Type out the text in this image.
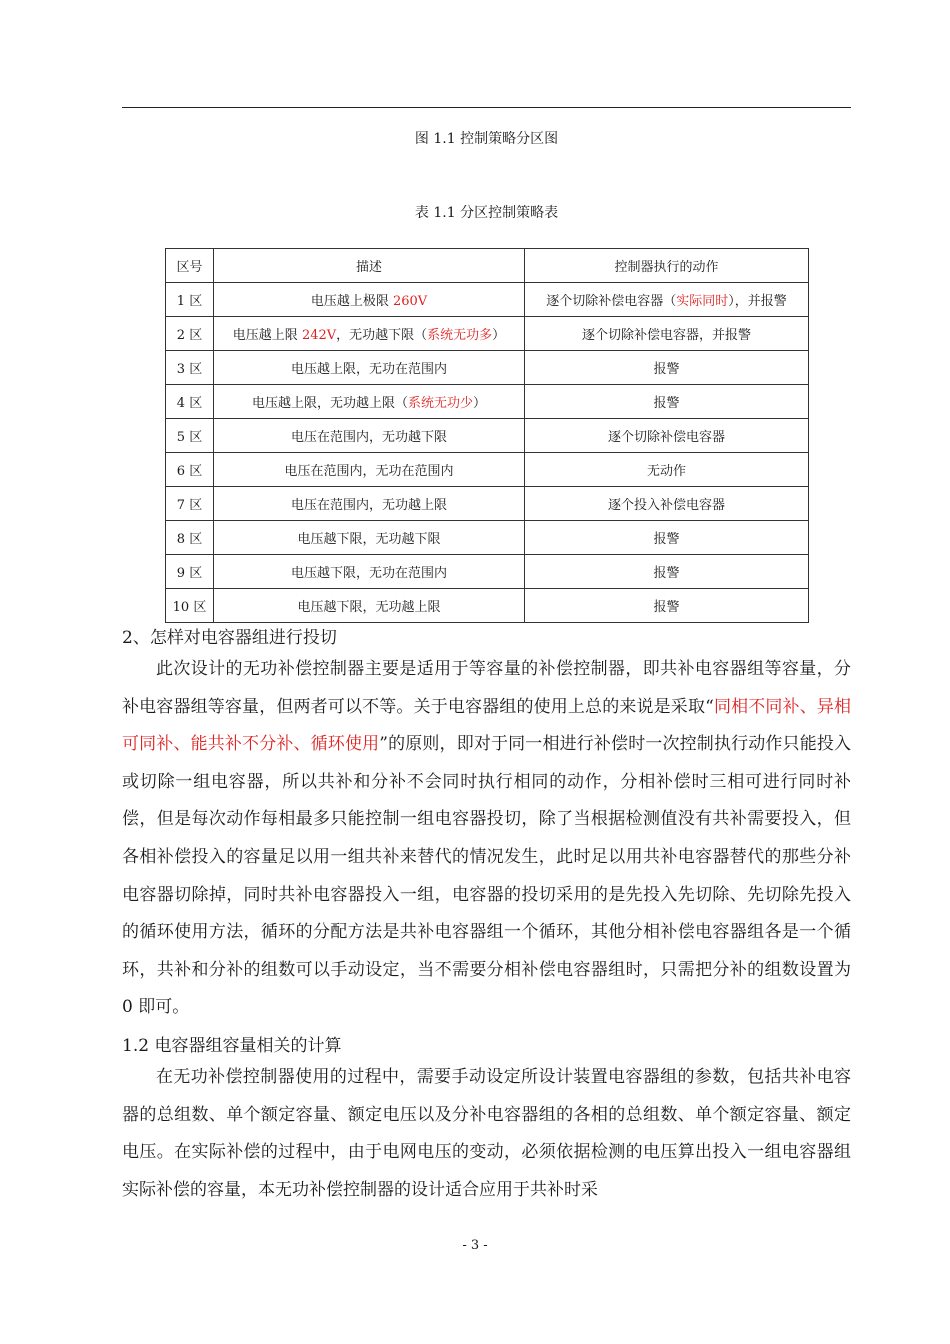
图 1.1 控制策略分区图
表 1.1 分区控制策略表
区号	描述	控制器执行的动作
1 区	电压越上极限 260V	逐个切除补偿电容器（实际同时），并报警
2 区	电压越上限 242V，无功越下限（系统无功多）	逐个切除补偿电容器，并报警
3 区	电压越上限，无功在范围内	报警
4 区	电压越上限，无功越上限（系统无功少）	报警
5 区	电压在范围内，无功越下限	逐个切除补偿电容器
6 区	电压在范围内，无功在范围内	无动作
7 区	电压在范围内，无功越上限	逐个投入补偿电容器
8 区	电压越下限，无功越下限	报警
9 区	电压越下限，无功在范围内	报警
10 区	电压越下限，无功越上限	报警

2、怎样对电容器组进行投切

此次设计的无功补偿控制器主要是适用于等容量的补偿控制器，即共补电容器组等容量，分补电容器组等容量，但两者可以不等。关于电容器组的使用上总的来说是采取“同相不同补、异相可同补、能共补不分补、循环使用”的原则，即对于同一相进行补偿时一次控制执行动作只能投入或切除一组电容器，所以共补和分补不会同时执行相同的动作，分相补偿时三相可进行同时补偿，但是每次动作每相最多只能控制一组电容器投切，除了当根据检测值没有共补需要投入，但各相补偿投入的容量足以用一组共补来替代的情况发生，此时足以用共补电容器替代的那些分补电容器切除掉，同时共补电容器投入一组，电容器的投切采用的是先投入先切除、先切除先投入的循环使用方法，循环的分配方法是共补电容器组一个循环，其他分相补偿电容器组各是一个循环，共补和分补的组数可以手动设定，当不需要分相补偿电容器组时，只需把分补的组数设置为 0 即可。

1.2 电容器组容量相关的计算

在无功补偿控制器使用的过程中，需要手动设定所设计装置电容器组的参数，包括共补电容器的总组数、单个额定容量、额定电压以及分补电容器组的各相的总组数、单个额定容量、额定电压。在实际补偿的过程中，由于电网电压的变动，必须依据检测的电压算出投入一组电容器组实际补偿的容量，本无功补偿控制器的设计适合应用于共补时采

- 3 -
